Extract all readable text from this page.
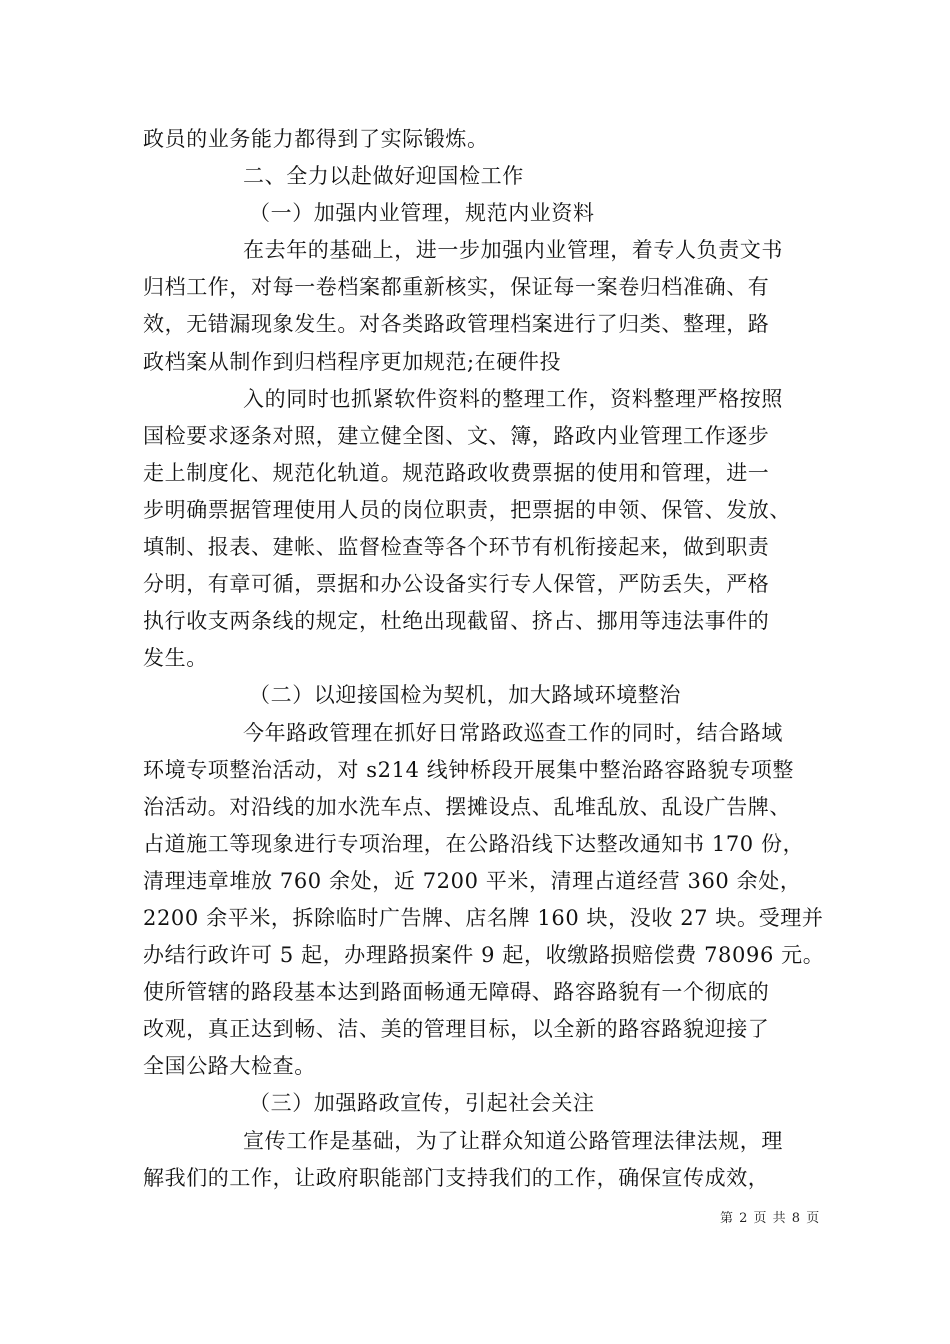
政员的业务能力都得到了实际锻炼。
二、全力以赴做好迎国检工作
（一）加强内业管理，规范内业资料
在去年的基础上，进一步加强内业管理，着专人负责文书
归档工作，对每一卷档案都重新核实，保证每一案卷归档准确、有
效，无错漏现象发生。对各类路政管理档案进行了归类、整理，路
政档案从制作到归档程序更加规范;在硬件投
入的同时也抓紧软件资料的整理工作，资料整理严格按照
国检要求逐条对照，建立健全图、文、簿，路政内业管理工作逐步
走上制度化、规范化轨道。规范路政收费票据的使用和管理，进一
步明确票据管理使用人员的岗位职责，把票据的申领、保管、发放、
填制、报表、建帐、监督检查等各个环节有机衔接起来，做到职责
分明，有章可循，票据和办公设备实行专人保管，严防丢失，严格
执行收支两条线的规定，杜绝出现截留、挤占、挪用等违法事件的
发生。
（二）以迎接国检为契机，加大路域环境整治
今年路政管理在抓好日常路政巡查工作的同时，结合路域
环境专项整治活动，对 s214 线钟桥段开展集中整治路容路貌专项整
治活动。对沿线的加水洗车点、摆摊设点、乱堆乱放、乱设广告牌、
占道施工等现象进行专项治理，在公路沿线下达整改通知书 170 份，
清理违章堆放 760 余处，近 7200 平米，清理占道经营 360 余处，
2200 余平米，拆除临时广告牌、店名牌 160 块，没收 27 块。受理并
办结行政许可 5 起，办理路损案件 9 起，收缴路损赔偿费 78096 元。
使所管辖的路段基本达到路面畅通无障碍、路容路貌有一个彻底的
改观，真正达到畅、洁、美的管理目标，以全新的路容路貌迎接了
全国公路大检查。
（三）加强路政宣传，引起社会关注
宣传工作是基础，为了让群众知道公路管理法律法规，理
解我们的工作，让政府职能部门支持我们的工作，确保宣传成效，
第 2 页 共 8 页
